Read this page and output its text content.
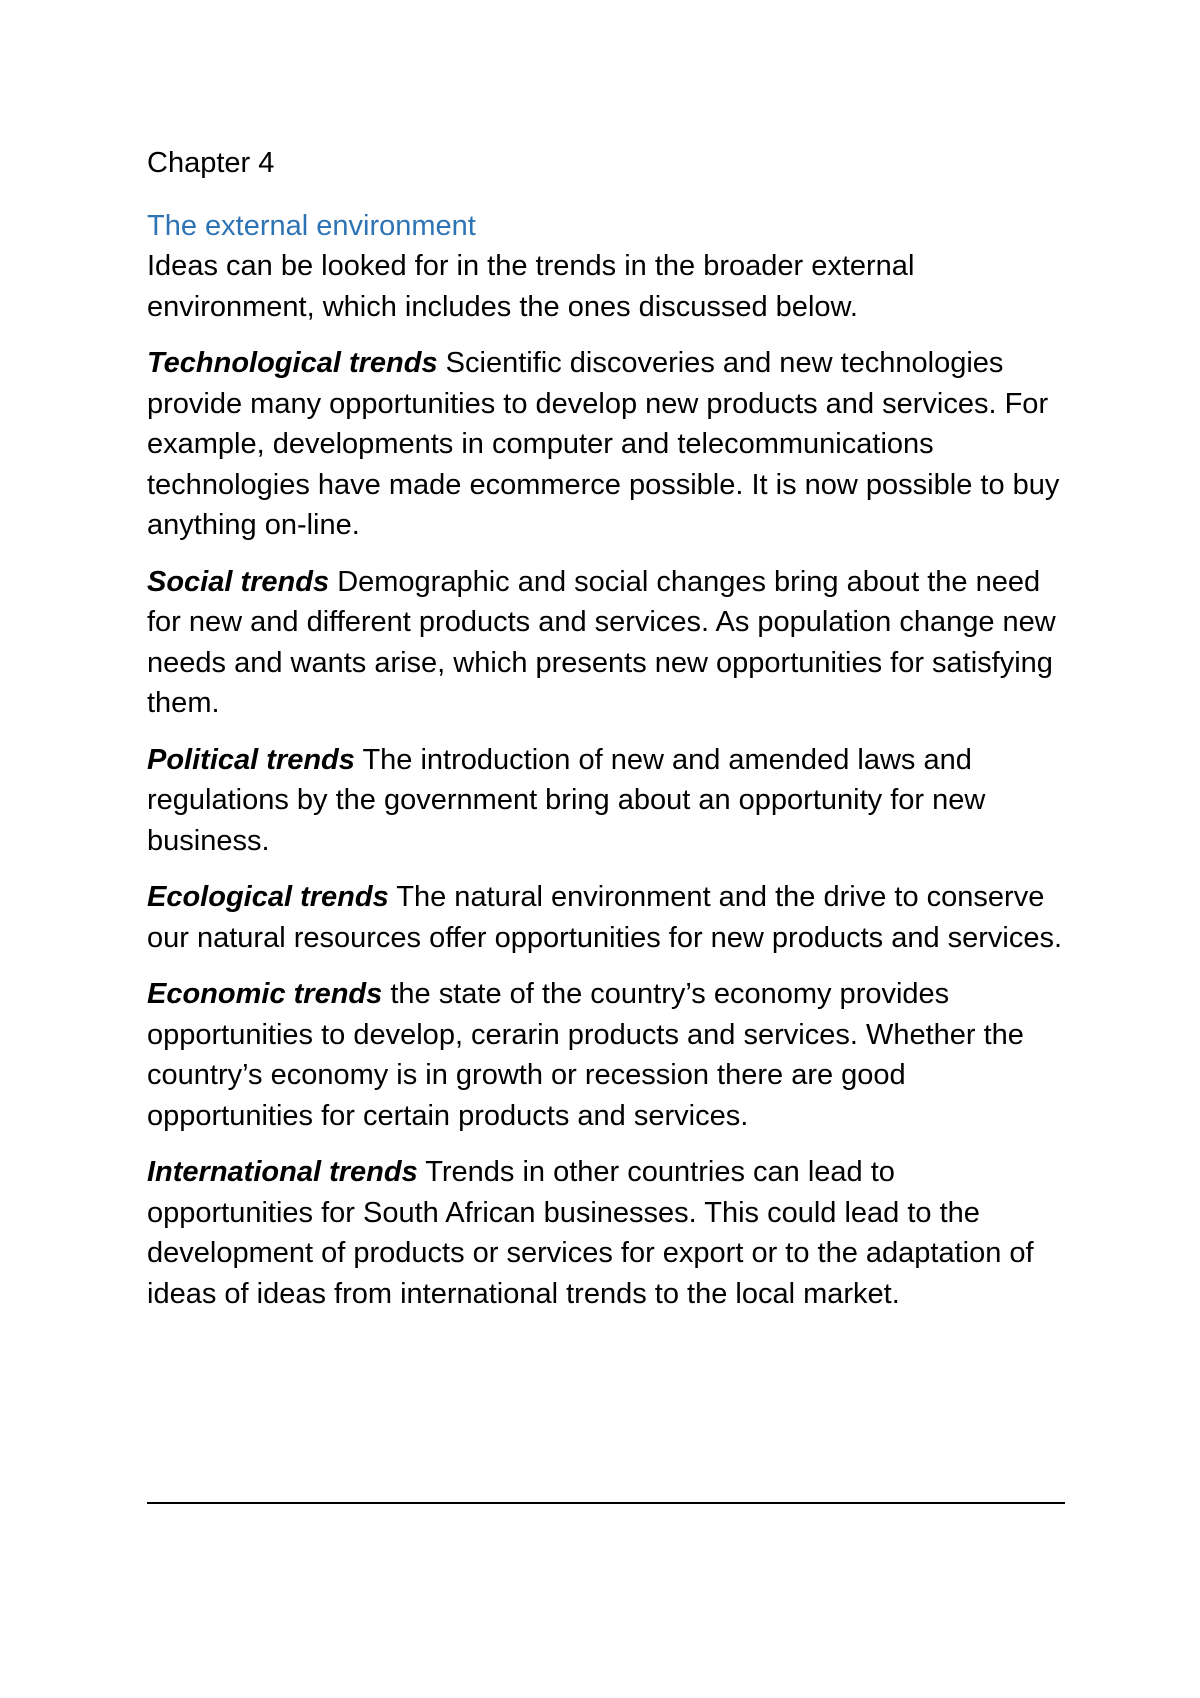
Chapter 4

The external environment

Ideas can be looked for in the trends in the broader external environment, which includes the ones discussed below.

Technological trends Scientific discoveries and new technologies provide many opportunities to develop new products and services. For example, developments in computer and telecommunications technologies have made ecommerce possible. It is now possible to buy anything on-line.

Social trends Demographic and social changes bring about the need for new and different products and services. As population change new needs and wants arise, which presents new opportunities for satisfying them.

Political trends The introduction of new and amended laws and regulations by the government bring about an opportunity for new business.

Ecological trends The natural environment and the drive to conserve our natural resources offer opportunities for new products and services.

Economic trends the state of the country’s economy provides opportunities to develop, cerarin products and services. Whether the country’s economy is in growth or recession there are good opportunities for certain products and services.

International trends Trends in other countries can lead to opportunities for South African businesses. This could lead to the development of products or services for export or to the adaptation of ideas of ideas from international trends to the local market.
